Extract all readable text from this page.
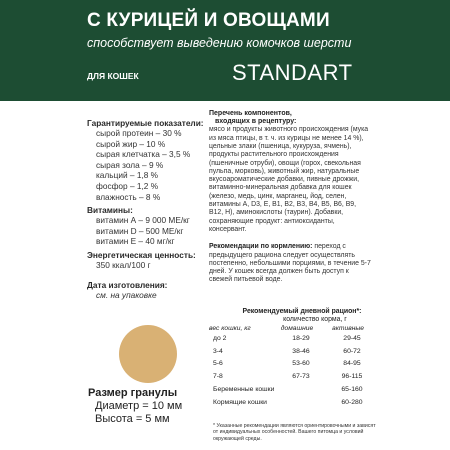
С КУРИЦЕЙ И ОВОЩАМИ
способствует выведению комочков шерсти
ДЛЯ КОШЕК	STANDART
Гарантируемые показатели:
сырой протеин – 30 %
сырой жир – 10 %
сырая клетчатка – 3,5 %
сырая зола – 9 %
кальций – 1,8 %
фосфор – 1,2 %
влажность – 8 %
Витамины:
витамин А – 9 000 МЕ/кг
витамин D – 500 МЕ/кг
витамин Е – 40 мг/кг
Энергетическая ценность:
350 ккал/100 г
Дата изготовления:
см. на упаковке
Размер гранулы
Диаметр = 10 мм
Высота = 5 мм
Перечень компонентов,
входящих в рецептуру:

мясо и продукты животного происхождения (мука из мяса птицы, в т. ч. из курицы не менее 14 %), цельные злаки (пшеница, кукуруза, ячмень), продукты растительного происхождения (пшеничные отруби), овощи (горох, свекольная пульпа, морковь), животный жир, натуральные вкусоароматические добавки, пивные дрожжи, витаминно-минеральная добавка для кошек (железо, медь, цинк, марганец, йод, селен, витамины А, D3, Е, В1, В2, В3, В4, В5, В6, В9, В12, Н), аминокислоты (таурин). Добавки, сохраняющие продукт: антиоксиданты, консервант.

Рекомендации по кормлению: переход с предыдущего рациона следует осуществлять постепенно, небольшими порциями, в течение 5-7 дней. У кошек всегда должен быть доступ к свежей питьевой воде.
Рекомендуемый дневной рацион*:
количество корма, г
вес кошки, кг	домашние	активные
до 2	18-29	29-45
3-4	38-46	60-72
5-6	53-60	84-95
7-8	67-73	96-115
Беременные кошки	65-160
Кормящие кошки	60-280
* Указанные рекомендации являются ориентировочными и зависят от индивидуальных особенностей. Вашего питомца и условий окружающей среды.
